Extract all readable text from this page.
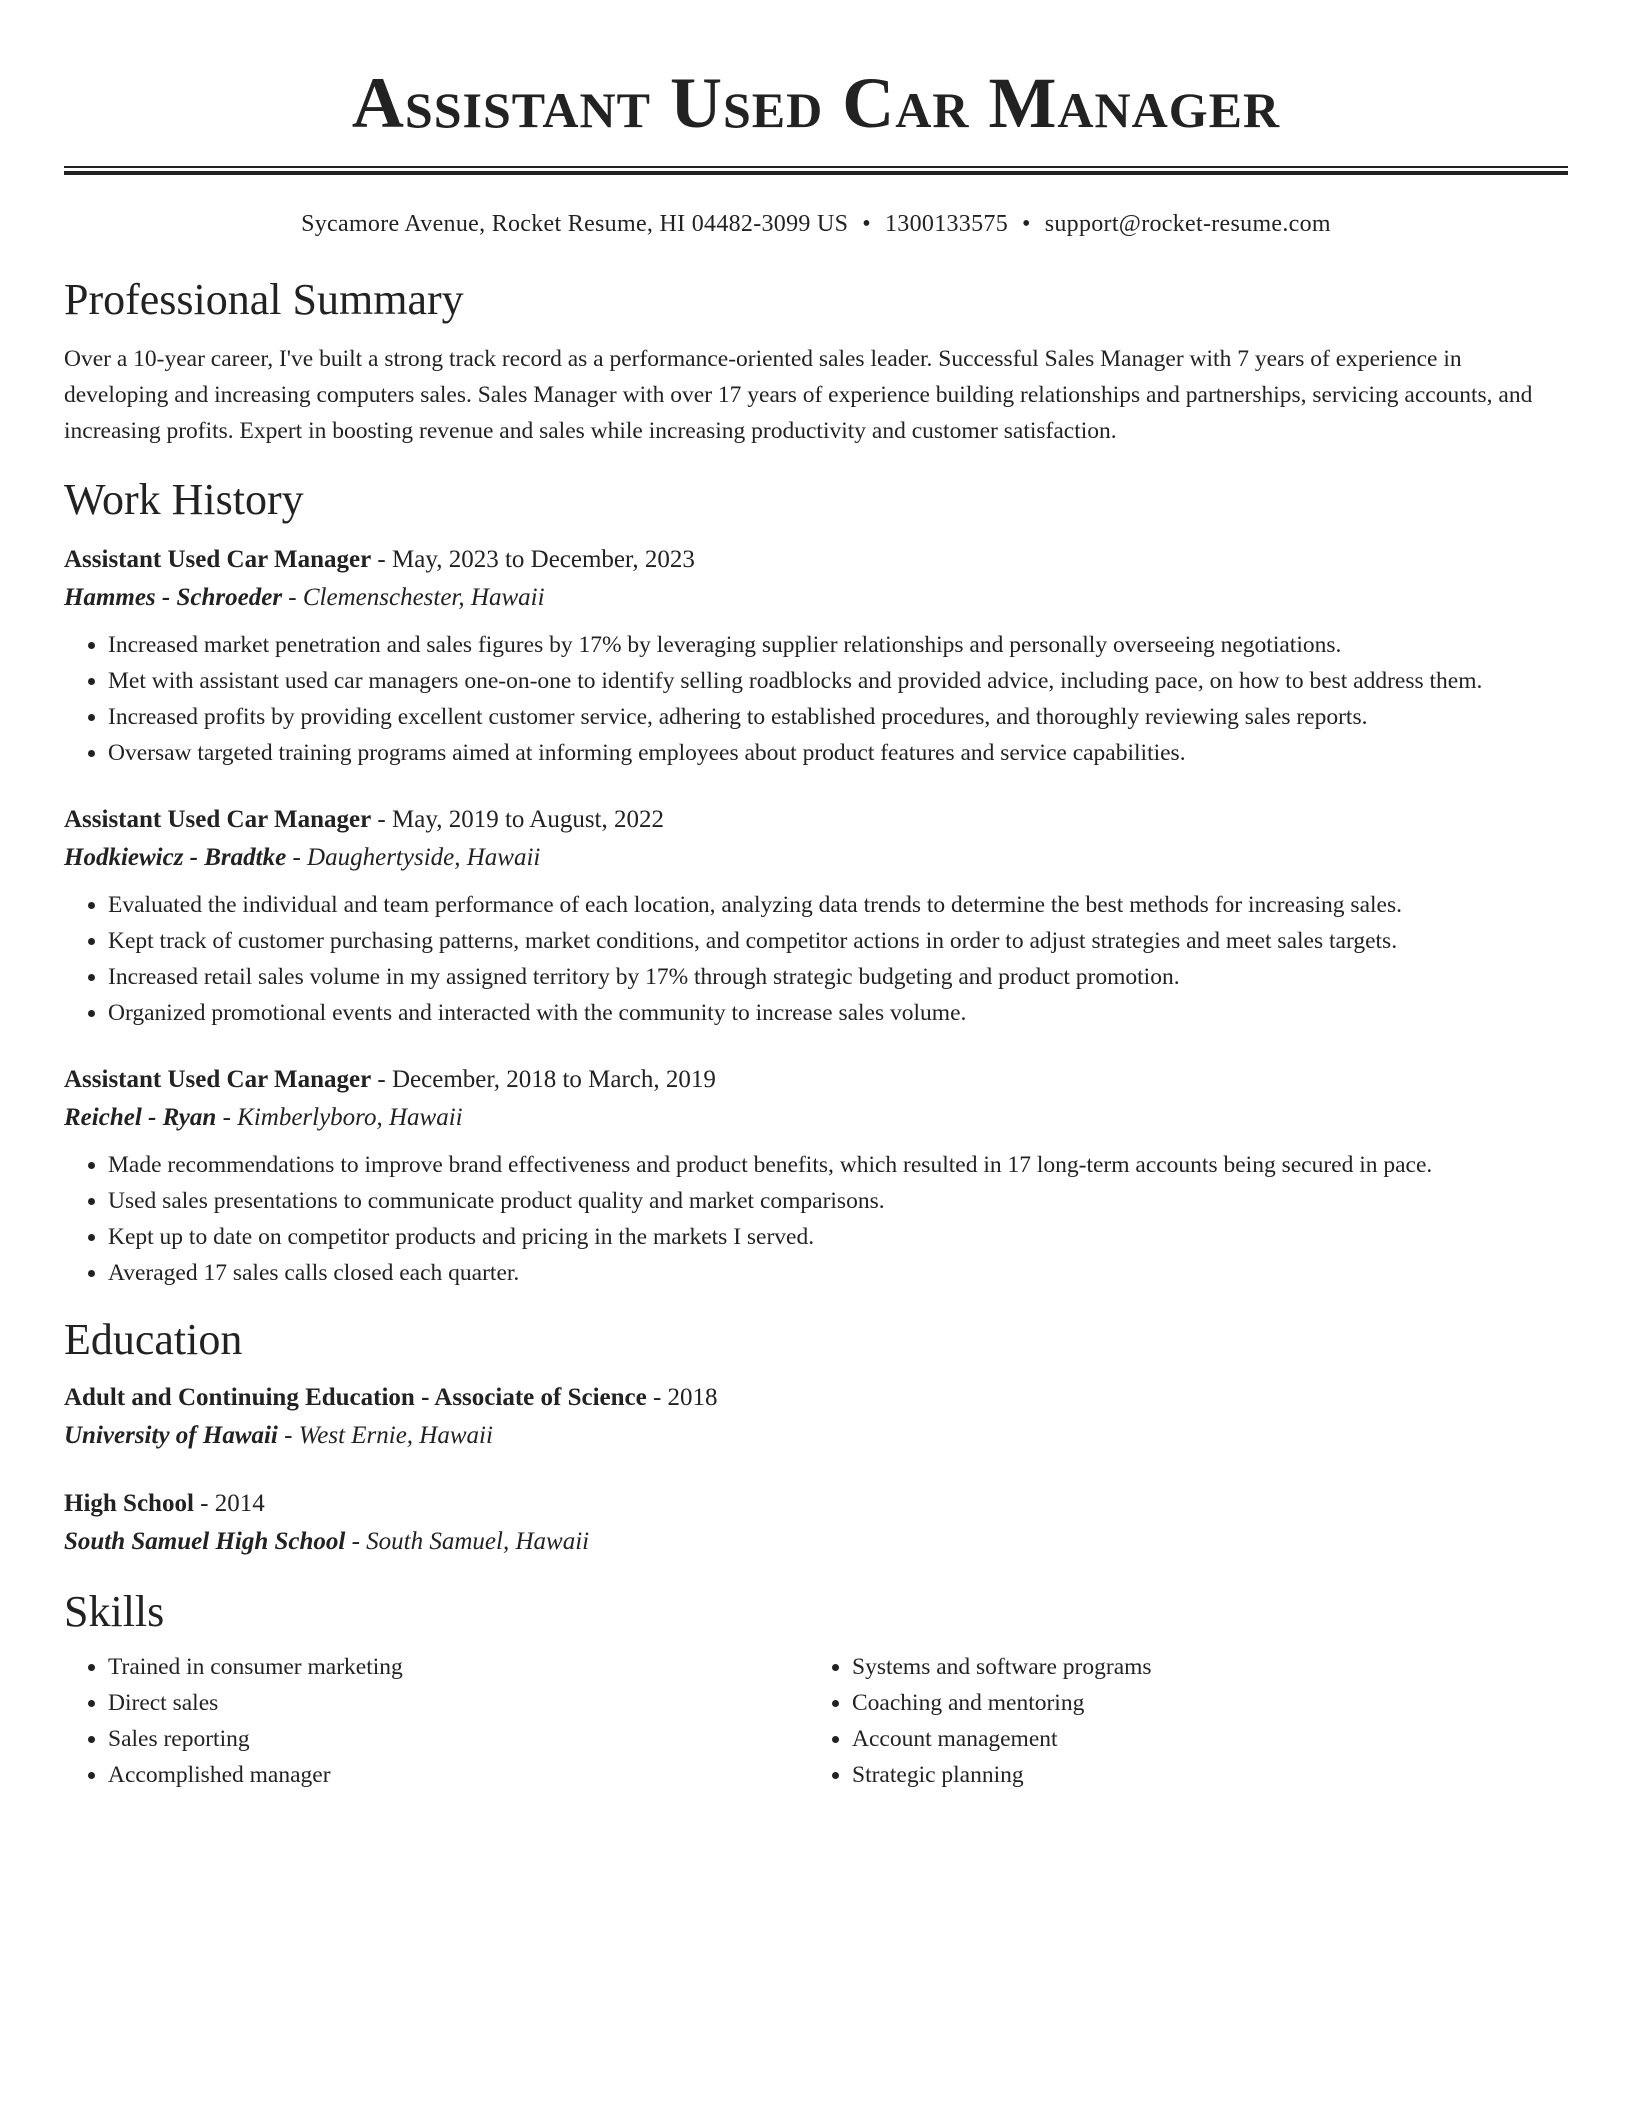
Assistant Used Car Manager
Sycamore Avenue, Rocket Resume, HI 04482-3099 US • 1300133575 • support@rocket-resume.com
Professional Summary
Over a 10-year career, I've built a strong track record as a performance-oriented sales leader. Successful Sales Manager with 7 years of experience in developing and increasing computers sales. Sales Manager with over 17 years of experience building relationships and partnerships, servicing accounts, and increasing profits. Expert in boosting revenue and sales while increasing productivity and customer satisfaction.
Work History
Assistant Used Car Manager - May, 2023 to December, 2023
Hammes - Schroeder - Clemenschester, Hawaii
• Increased market penetration and sales figures by 17% by leveraging supplier relationships and personally overseeing negotiations.
• Met with assistant used car managers one-on-one to identify selling roadblocks and provided advice, including pace, on how to best address them.
• Increased profits by providing excellent customer service, adhering to established procedures, and thoroughly reviewing sales reports.
• Oversaw targeted training programs aimed at informing employees about product features and service capabilities.
Assistant Used Car Manager - May, 2019 to August, 2022
Hodkiewicz - Bradtke - Daughertyside, Hawaii
• Evaluated the individual and team performance of each location, analyzing data trends to determine the best methods for increasing sales.
• Kept track of customer purchasing patterns, market conditions, and competitor actions in order to adjust strategies and meet sales targets.
• Increased retail sales volume in my assigned territory by 17% through strategic budgeting and product promotion.
• Organized promotional events and interacted with the community to increase sales volume.
Assistant Used Car Manager - December, 2018 to March, 2019
Reichel - Ryan - Kimberlyboro, Hawaii
• Made recommendations to improve brand effectiveness and product benefits, which resulted in 17 long-term accounts being secured in pace.
• Used sales presentations to communicate product quality and market comparisons.
• Kept up to date on competitor products and pricing in the markets I served.
• Averaged 17 sales calls closed each quarter.
Education
Adult and Continuing Education - Associate of Science - 2018
University of Hawaii - West Ernie, Hawaii
High School - 2014
South Samuel High School - South Samuel, Hawaii
Skills
• Trained in consumer marketing
• Direct sales
• Sales reporting
• Accomplished manager
• Systems and software programs
• Coaching and mentoring
• Account management
• Strategic planning
